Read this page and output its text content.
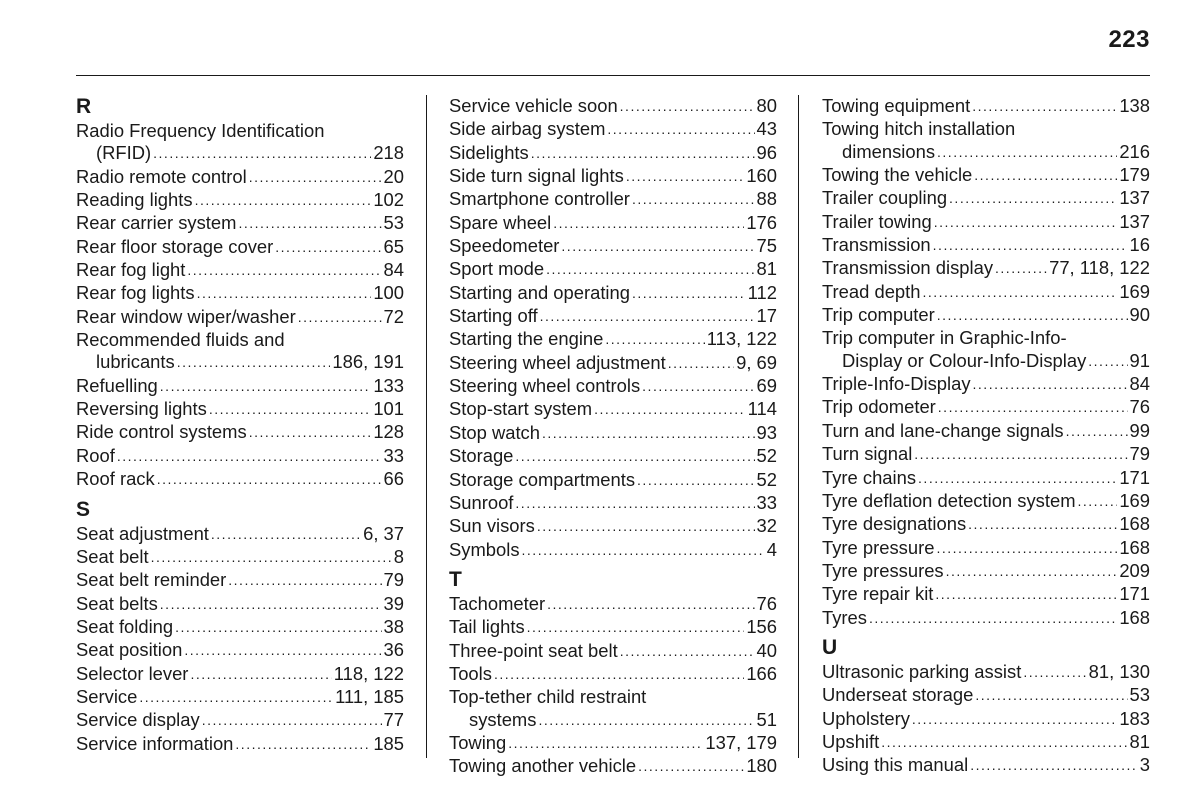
223
R
Radio Frequency Identification
(RFID) .....	218
Radio remote control .....	20
Reading lights .....	102
Rear carrier system .....	53
Rear floor storage cover .....	65
Rear fog light .....	84
Rear fog lights .....	100
Rear window wiper/washer .....	72
Recommended fluids and
lubricants .....	186, 191
Refuelling .....	133
Reversing lights .....	101
Ride control systems .....	128
Roof .....	33
Roof rack .....	66
S
Seat adjustment .....	6, 37
Seat belt .....	8
Seat belt reminder .....	79
Seat belts .....	39
Seat folding .....	38
Seat position .....	36
Selector lever .....	118, 122
Service .....	111, 185
Service display .....	77
Service information .....	185
Service vehicle soon .....	80
Side airbag system .....	43
Sidelights .....	96
Side turn signal lights .....	160
Smartphone controller .....	88
Spare wheel .....	176
Speedometer .....	75
Sport mode .....	81
Starting and operating .....	112
Starting off .....	17
Starting the engine .....	113, 122
Steering wheel adjustment .....	9, 69
Steering wheel controls .....	69
Stop-start system .....	114
Stop watch .....	93
Storage .....	52
Storage compartments .....	52
Sunroof .....	33
Sun visors .....	32
Symbols .....	4
T
Tachometer .....	76
Tail lights .....	156
Three-point seat belt .....	40
Tools .....	166
Top-tether child restraint
systems .....	51
Towing .....	137, 179
Towing another vehicle .....	180
Towing equipment .....	138
Towing hitch installation
dimensions .....	216
Towing the vehicle .....	179
Trailer coupling .....	137
Trailer towing .....	137
Transmission .....	16
Transmission display .....	77, 118, 122
Tread depth .....	169
Trip computer .....	90
Trip computer in Graphic-Info-
Display or Colour-Info-Display ..... 91
Triple-Info-Display .....	84
Trip odometer .....	76
Turn and lane-change signals .....	99
Turn signal .....	79
Tyre chains .....	171
Tyre deflation detection system ..... 169
Tyre designations .....	168
Tyre pressure .....	168
Tyre pressures .....	209
Tyre repair kit .....	171
Tyres .....	168
U
Ultrasonic parking assist .....	81, 130
Underseat storage .....	53
Upholstery .....	183
Upshift .....	81
Using this manual .....	3
